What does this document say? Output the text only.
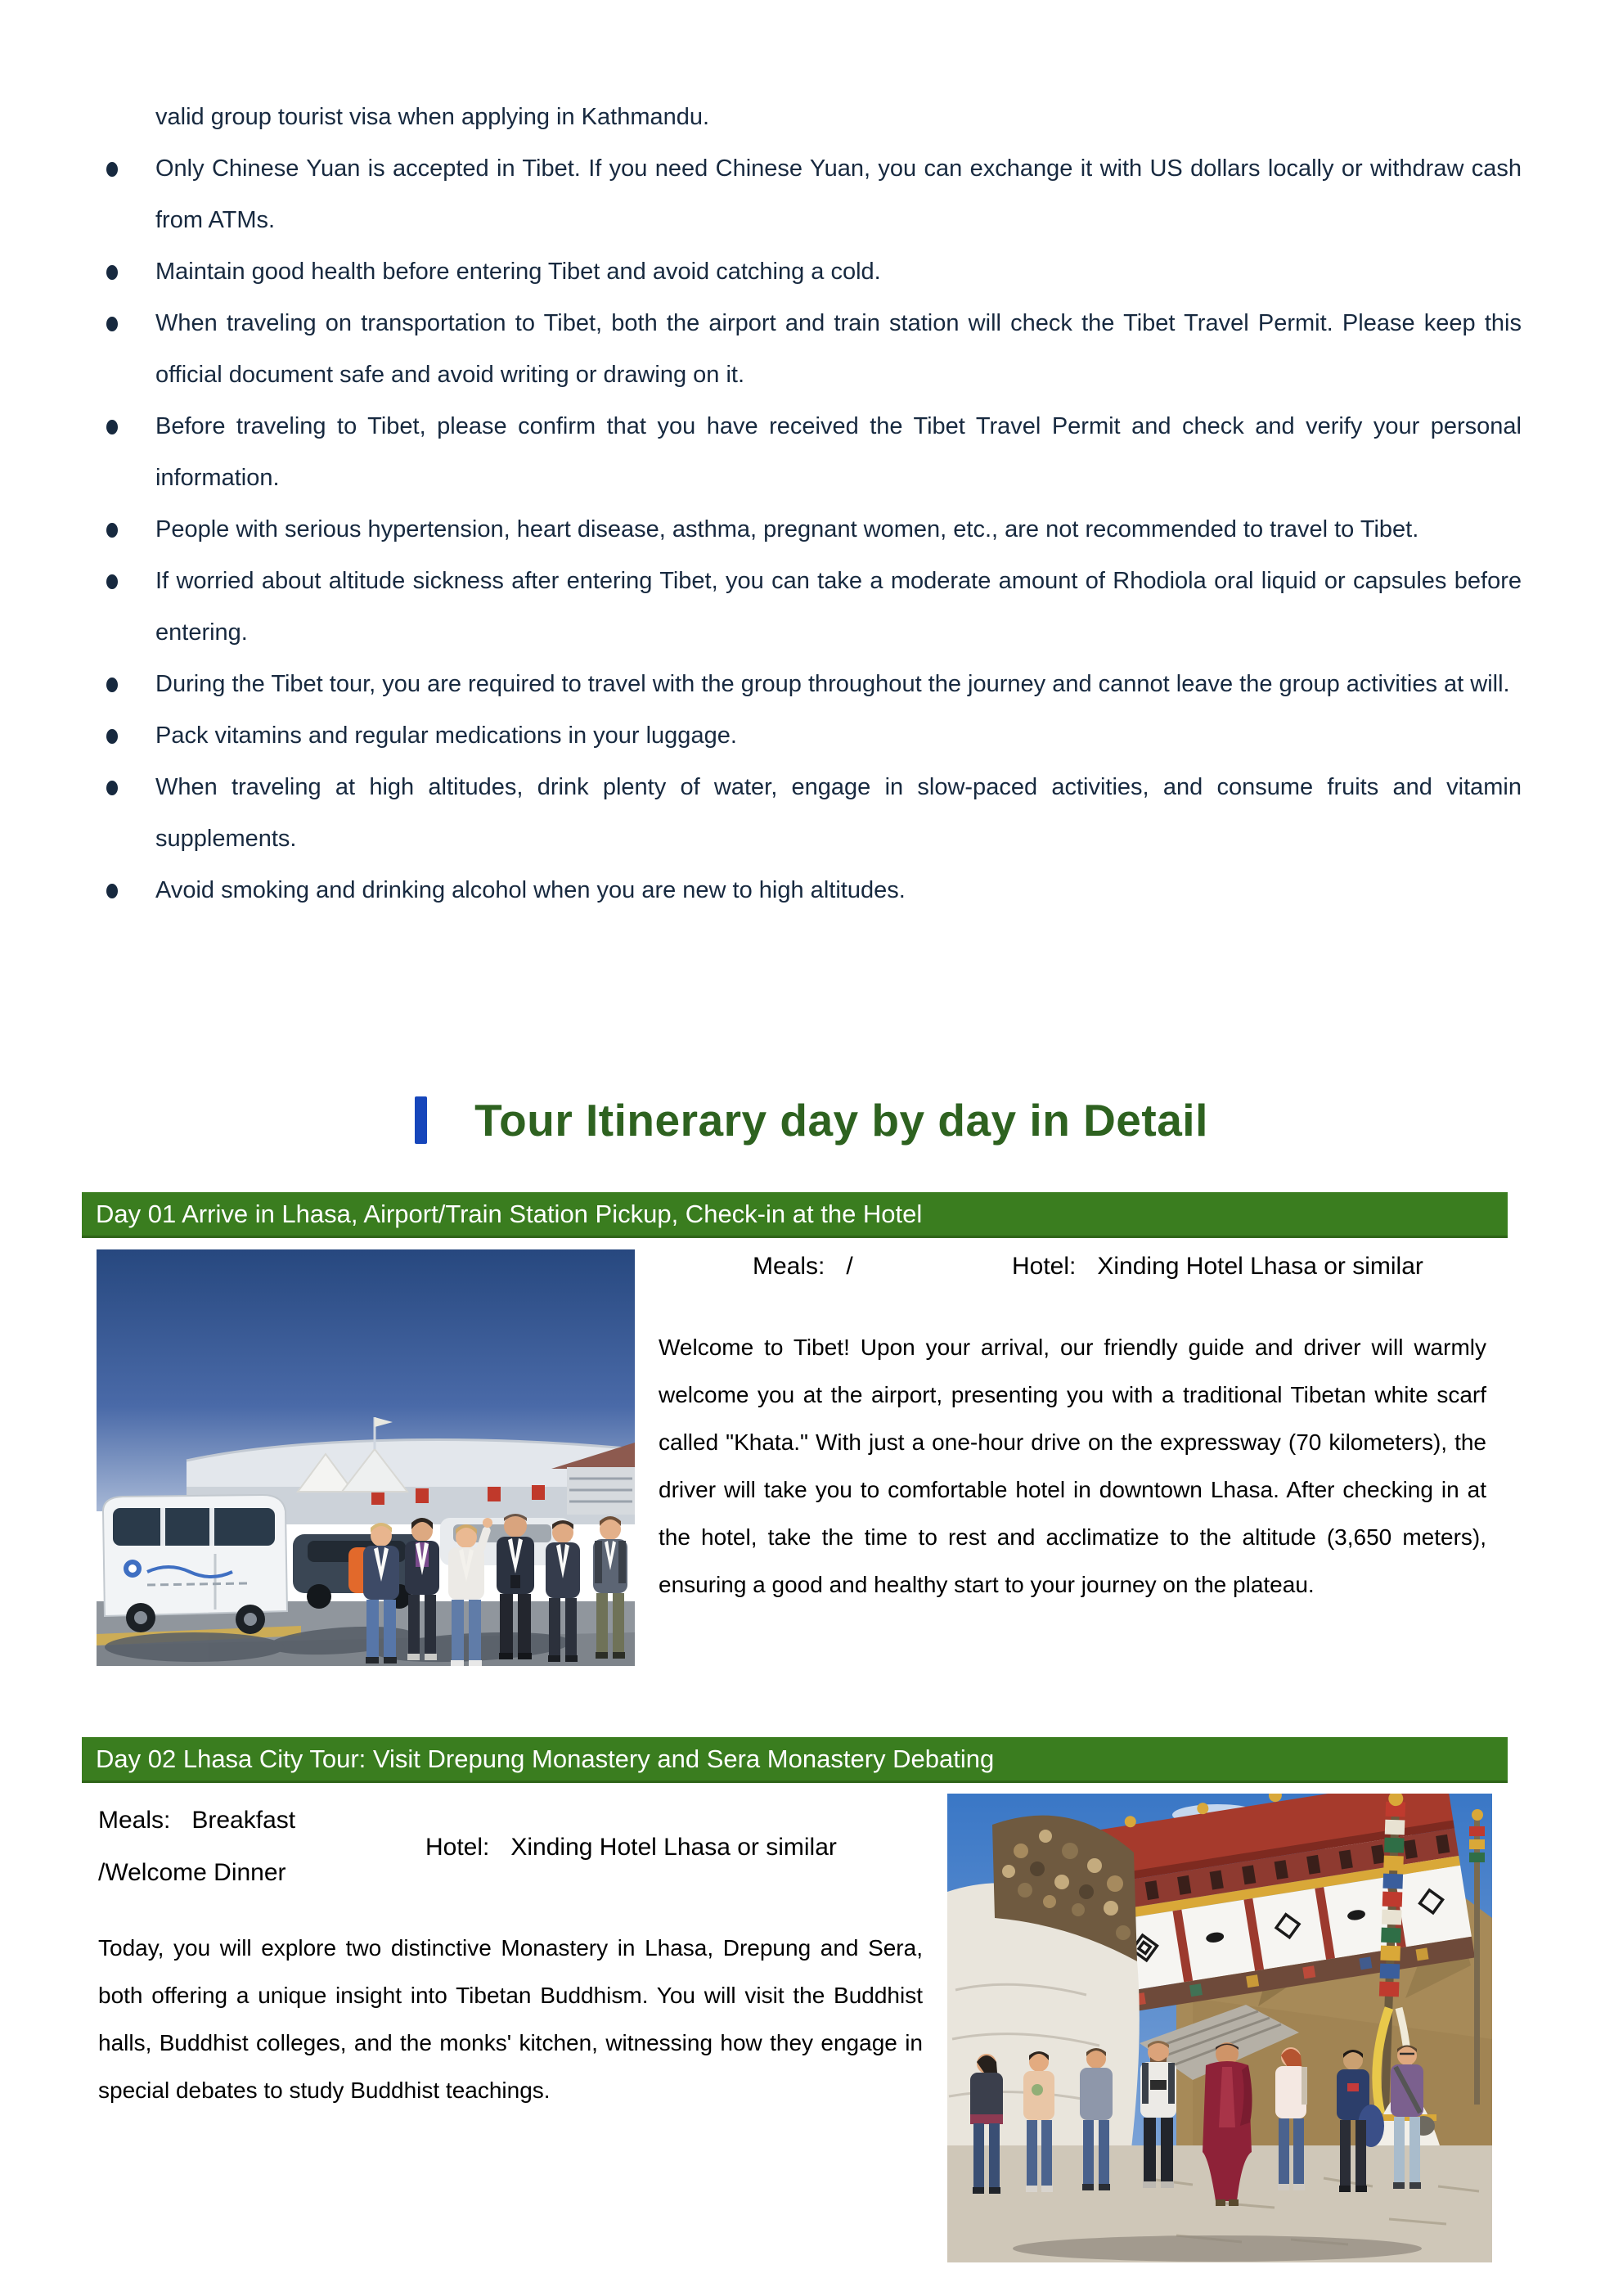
valid group tourist visa when applying in Kathmandu.
Only Chinese Yuan is accepted in Tibet. If you need Chinese Yuan, you can exchange it with US dollars locally or withdraw cash from ATMs.
Maintain good health before entering Tibet and avoid catching a cold.
When traveling on transportation to Tibet, both the airport and train station will check the Tibet Travel Permit. Please keep this official document safe and avoid writing or drawing on it.
Before traveling to Tibet, please confirm that you have received the Tibet Travel Permit and check and verify your personal information.
People with serious hypertension, heart disease, asthma, pregnant women, etc., are not recommended to travel to Tibet.
If worried about altitude sickness after entering Tibet, you can take a moderate amount of Rhodiola oral liquid or capsules before entering.
During the Tibet tour, you are required to travel with the group throughout the journey and cannot leave the group activities at will.
Pack vitamins and regular medications in your luggage.
When traveling at high altitudes, drink plenty of water, engage in slow-paced activities, and consume fruits and vitamin supplements.
Avoid smoking and drinking alcohol when you are new to high altitudes.
Tour Itinerary day by day in Detail
Day 01 Arrive in Lhasa, Airport/Train Station Pickup, Check-in at the Hotel
Meals: /	Hotel: Xinding Hotel Lhasa or similar
Welcome to Tibet! Upon your arrival, our friendly guide and driver will warmly welcome you at the airport, presenting you with a traditional Tibetan white scarf called "Khata." With just a one-hour drive on the expressway (70 kilometers), the driver will take you to comfortable hotel in downtown Lhasa. After checking in at the hotel, take the time to rest and acclimatize to the altitude (3,650 meters), ensuring a good and healthy start to your journey on the plateau.
Day 02 Lhasa City Tour: Visit Drepung Monastery and Sera Monastery Debating
Meals: Breakfast
Hotel: Xinding Hotel Lhasa or similar
/Welcome Dinner
Today, you will explore two distinctive Monastery in Lhasa, Drepung and Sera, both offering a unique insight into Tibetan Buddhism. You will visit the Buddhist halls, Buddhist colleges, and the monks' kitchen, witnessing how they engage in special debates to study Buddhist teachings.
